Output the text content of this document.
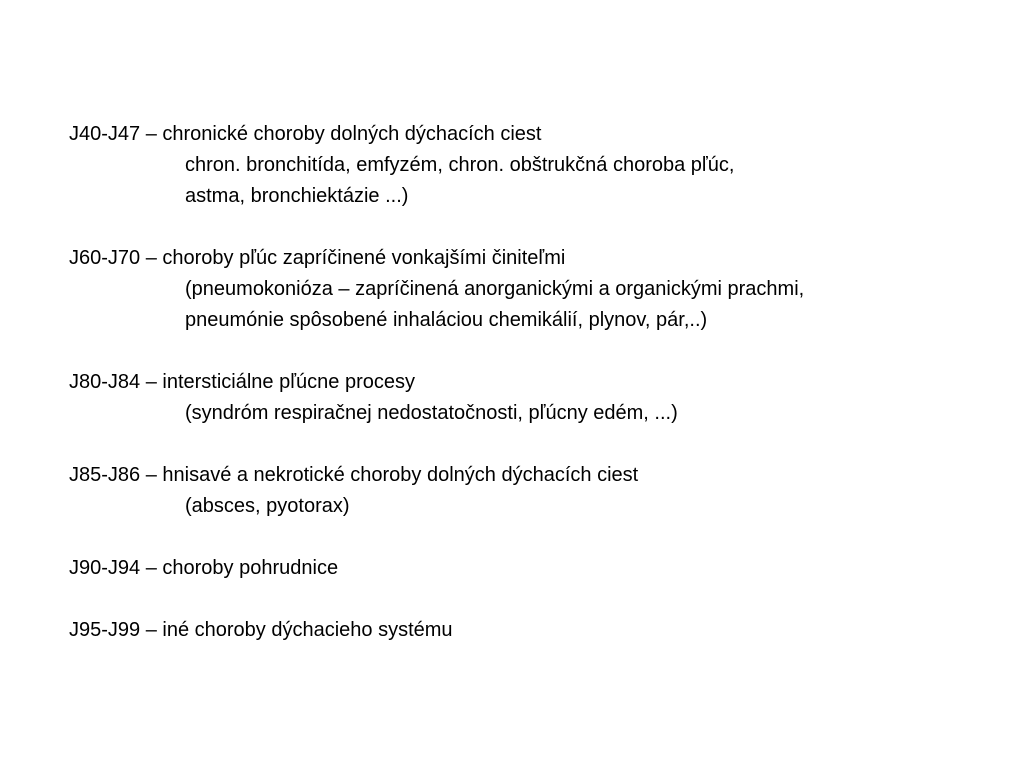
J40-J47 – chronické choroby dolných dýchacích ciest
chron. bronchitída, emfyzém, chron. obštrukčná choroba pľúc,
astma, bronchiektázie ...)
J60-J70 – choroby pľúc zapríčinené vonkajšími činiteľmi
(pneumokonióza – zapríčinená anorganickými a organickými prachmi,
pneumónie spôsobené inhaláciou chemikálií, plynov, pár,..)
J80-J84 – intersticiálne pľúcne procesy
(syndróm respiračnej nedostatočnosti, pľúcny edém, ...)
J85-J86 – hnisavé a nekrotické choroby dolných dýchacích ciest
(absces, pyotorax)
J90-J94 – choroby pohrudnice
J95-J99 – iné choroby dýchacieho systému
